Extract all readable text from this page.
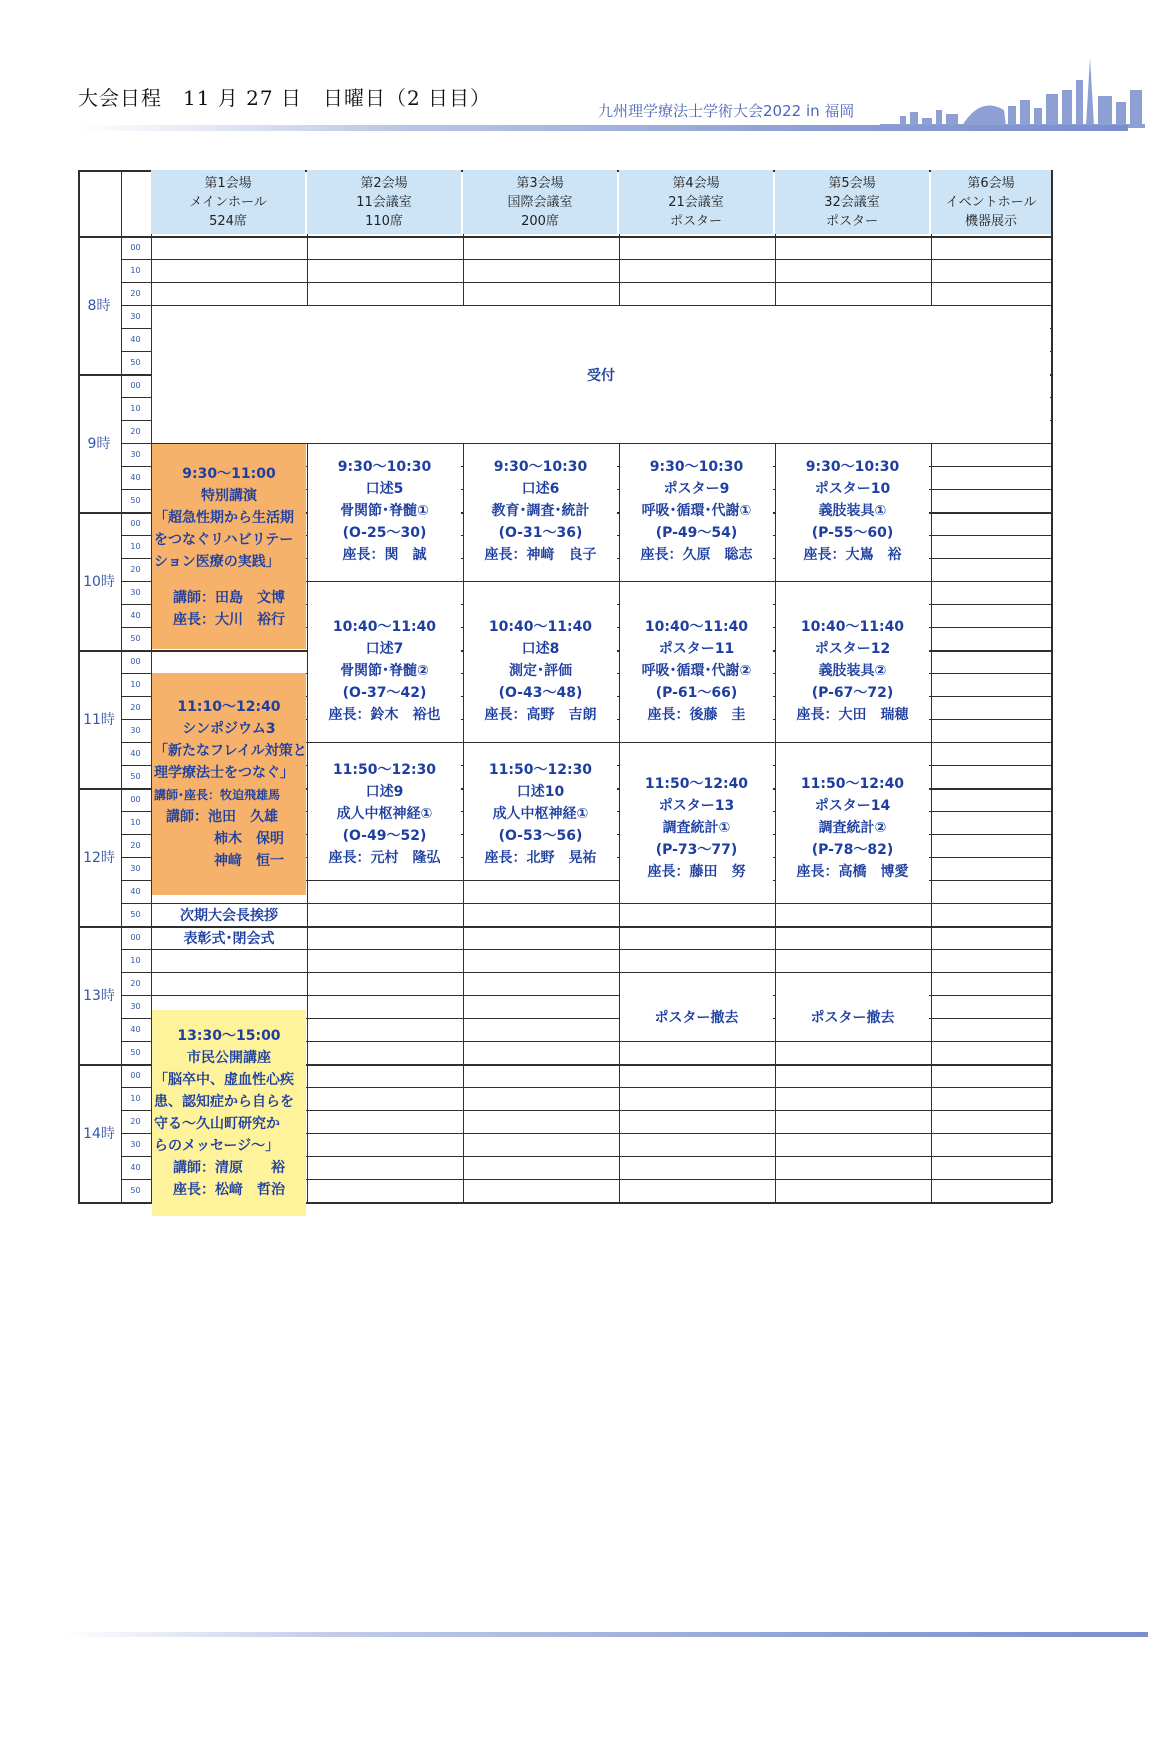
大会日程　11 月 27 日　日曜日（2 日目）
九州理学療法士学術大会2022 in 福岡
第1会場
メインホール
524席
第2会場
11会議室
110席
第3会場
国際会議室
200席
第4会場
21会議室
ポスター
第5会場
32会議室
ポスター
第6会場
イベントホール
機器展示
8時
9時
10時
11時
12時
13時
14時
受付
9:30～11:00
特別講演
「超急性期から生活期
をつなぐリハビリテー
ション医療の実践」
講師：田島　文博
座長：大川　裕行
11:10～12:40
シンポジウム3
「新たなフレイル対策と
理学療法士をつなぐ」
講師･座長：牧迫飛雄馬
講師：池田　久雄
柿木　保明
神﨑　恒一
次期大会長挨拶
表彰式･閉会式
13:30～15:00
市民公開講座
「脳卒中、虚血性心疾
患、認知症から自らを
守る～久山町研究か
らのメッセージ～」
講師：清原　　裕
座長：松﨑　哲治
9:30～10:30
口述5
骨関節･脊髄①
(O-25～30)
座長：関　誠
10:40～11:40
口述7
骨関節･脊髄②
(O-37～42)
座長：鈴木　裕也
11:50～12:30
口述9
成人中枢神経①
(O-49～52)
座長：元村　隆弘
9:30～10:30
口述6
教育･調査･統計
(O-31～36)
座長：神﨑　良子
10:40～11:40
口述8
測定･評価
(O-43～48)
座長：高野　吉朗
11:50～12:30
口述10
成人中枢神経①
(O-53～56)
座長：北野　晃祐
9:30～10:30
ポスター9
呼吸･循環･代謝①
(P-49～54)
座長：久原　聡志
10:40～11:40
ポスター11
呼吸･循環･代謝②
(P-61～66)
座長：後藤　圭
11:50～12:40
ポスター13
調査統計①
(P-73～77)
座長：藤田　努
ポスター撤去
9:30～10:30
ポスター10
義肢装具①
(P-55～60)
座長：大嶌　裕
10:40～11:40
ポスター12
義肢装具②
(P-67～72)
座長：大田　瑞穂
11:50～12:40
ポスター14
調査統計②
(P-78～82)
座長：高橋　博愛
ポスター撤去
00
10
20
30
40
50
00
10
20
30
40
50
00
10
20
30
40
50
00
10
20
30
40
50
00
10
20
30
40
50
00
10
20
30
40
50
00
10
20
30
40
50
